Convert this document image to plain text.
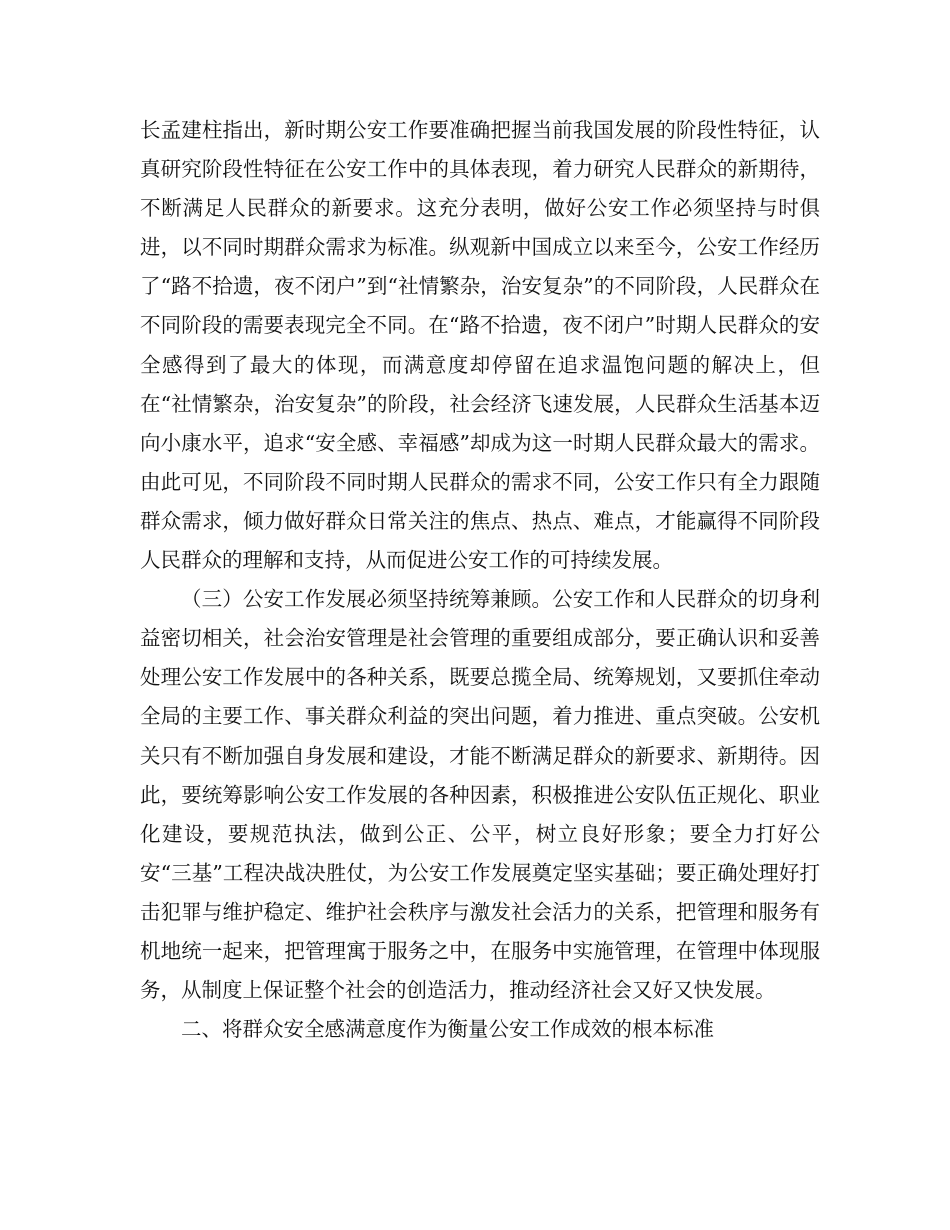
长孟建柱指出，新时期公安工作要准确把握当前我国发展的阶段性特征，认真研究阶段性特征在公安工作中的具体表现，着力研究人民群众的新期待，不断满足人民群众的新要求。这充分表明，做好公安工作必须坚持与时俱进，以不同时期群众需求为标准。纵观新中国成立以来至今，公安工作经历了“路不拾遗，夜不闭户”到“社情繁杂，治安复杂”的不同阶段，人民群众在不同阶段的需要表现完全不同。在“路不拾遗，夜不闭户”时期人民群众的安全感得到了最大的体现，而满意度却停留在追求温饱问题的解决上，但在“社情繁杂，治安复杂”的阶段，社会经济飞速发展，人民群众生活基本迈向小康水平，追求“安全感、幸福感”却成为这一时期人民群众最大的需求。由此可见，不同阶段不同时期人民群众的需求不同，公安工作只有全力跟随群众需求，倾力做好群众日常关注的焦点、热点、难点，才能赢得不同阶段人民群众的理解和支持，从而促进公安工作的可持续发展。

（三）公安工作发展必须坚持统筹兼顾。公安工作和人民群众的切身利益密切相关，社会治安管理是社会管理的重要组成部分，要正确认识和妥善处理公安工作发展中的各种关系，既要总揽全局、统筹规划，又要抓住牵动全局的主要工作、事关群众利益的突出问题，着力推进、重点突破。公安机关只有不断加强自身发展和建设，才能不断满足群众的新要求、新期待。因此，要统筹影响公安工作发展的各种因素，积极推进公安队伍正规化、职业化建设，要规范执法，做到公正、公平，树立良好形象；要全力打好公安“三基”工程决战决胜仗，为公安工作发展奠定坚实基础；要正确处理好打击犯罪与维护稳定、维护社会秩序与激发社会活力的关系，把管理和服务有机地统一起来，把管理寓于服务之中，在服务中实施管理，在管理中体现服务，从制度上保证整个社会的创造活力，推动经济社会又好又快发展。

二、将群众安全感满意度作为衡量公安工作成效的根本标准
